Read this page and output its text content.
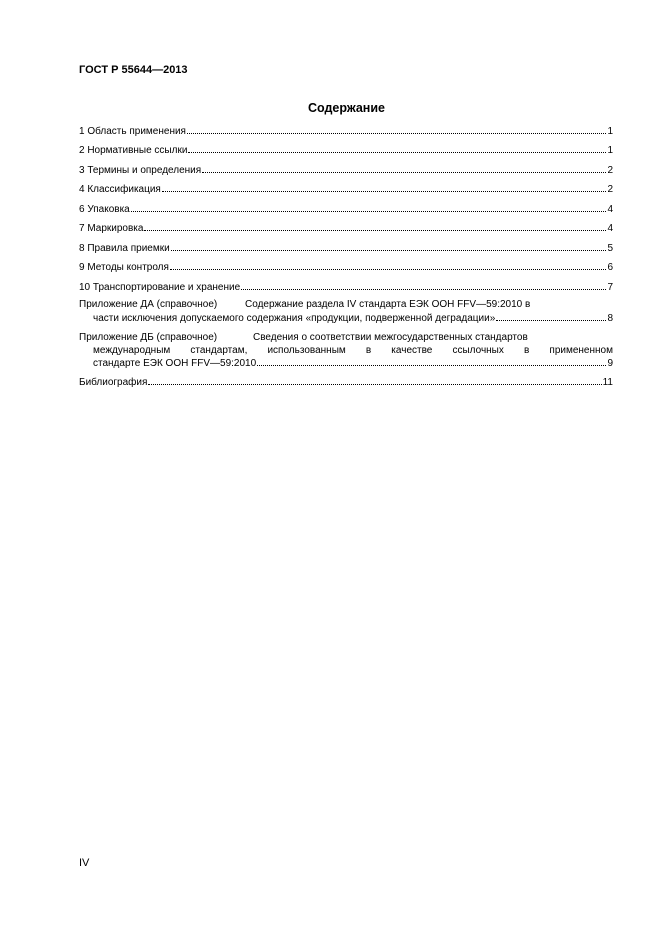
ГОСТ Р 55644—2013
Содержание
1 Область применения	1
2 Нормативные ссылки	1
3 Термины и определения	2
4 Классификация	2
6 Упаковка	4
7 Маркировка	4
8 Правила приемки	5
9 Методы контроля	6
10 Транспортирование и хранение	7
Приложение ДА (справочное)	Содержание раздела IV стандарта ЕЭК ООН FFV—59:2010 в
части исключения допускаемого содержания «продукции, подверженной деградации»	8
Приложение ДБ (справочное)	Сведения о соответствии межгосударственных стандартов
международным стандартам, использованным в качестве ссылочных в примененном
стандарте ЕЭК ООН FFV—59:2010	9
Библиография	11
IV
